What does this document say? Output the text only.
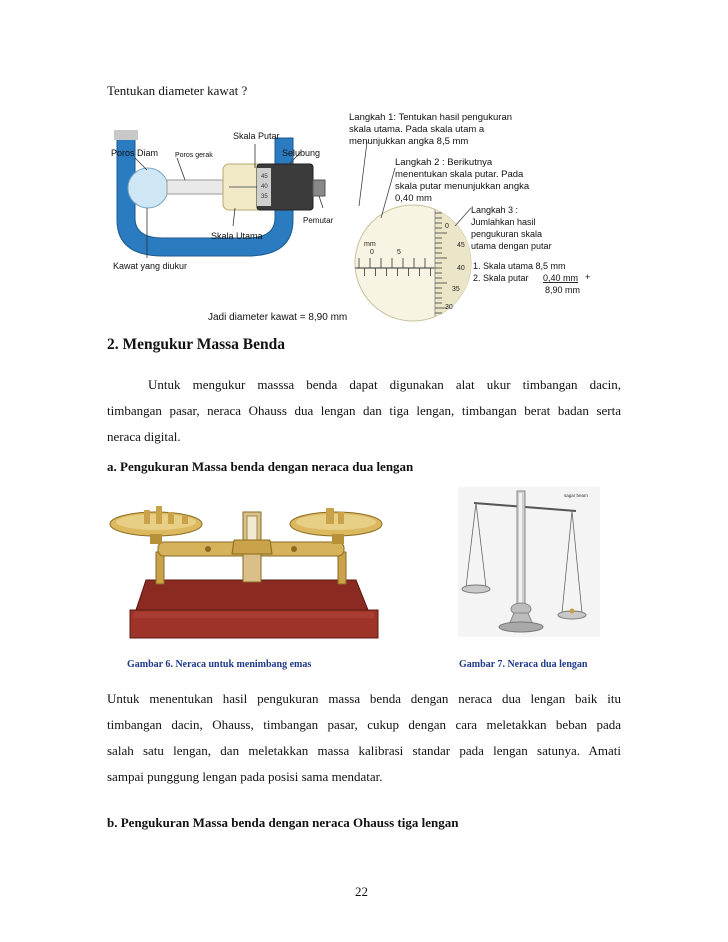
Tentukan diameter kawat ?
45
40
35
Poros Diam Poros gerak
Skala Putar
Selubung
Pemutar
Skala Utama
Kawat yang diukur
mm
0	5
0
45
40
35
30
Langkah 1: Tentukan hasil pengukuran skala utama. Pada skala utam a menunjukkan angka 8,5 mm
Langkah 2 : Berikutnya menentukan skala putar. Pada skala putar menunjukkan angka 0,40 mm
Langkah 3 : Jumlahkan hasil pengukuran skala utama dengan putar
1. Skala utama 8,5 mm
2. Skala putar 0,40 mm +
8,90 mm
Jadi diameter kawat = 8,90 mm
2. Mengukur Massa Benda
Untuk mengukur masssa benda dapat digunakan alat ukur timbangan dacin,
timbangan pasar, neraca Ohauss dua lengan dan tiga lengan, timbangan berat badan serta
neraca digital.
a. Pengukuran Massa benda dengan neraca dua lengan
sagar beam
Gambar 6. Neraca untuk menimbang emas	Gambar 7. Neraca dua lengan
Untuk menentukan hasil pengukuran massa benda dengan neraca dua lengan baik itu
timbangan dacin, Ohauss, timbangan pasar, cukup dengan cara meletakkan beban pada
salah satu lengan, dan meletakkan massa kalibrasi standar pada lengan satunya. Amati
sampai punggung lengan pada posisi sama mendatar.
b. Pengukuran Massa benda dengan neraca Ohauss tiga lengan
22
